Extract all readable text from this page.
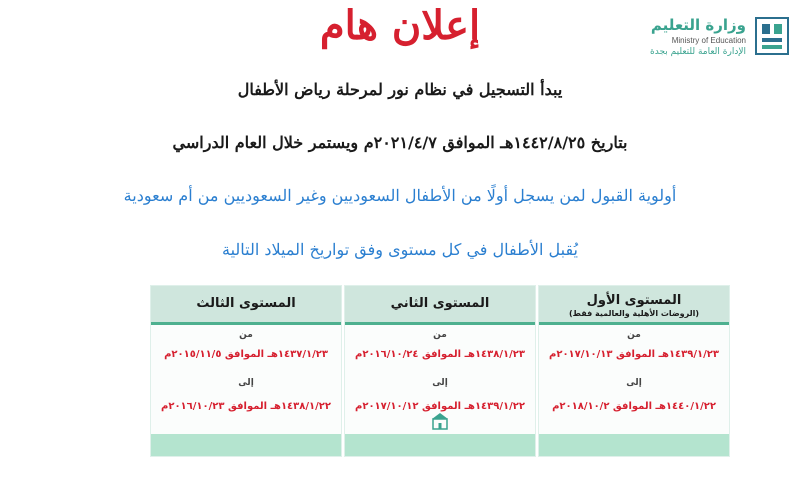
وزارة التعليم
Ministry of Education
الإدارة العامة للتعليم بجدة
إعلان هام
يبدأ التسجيل في نظام نور لمرحلة رياض الأطفال
بتاريخ ١٤٤٢/٨/٢٥هـ الموافق ٢٠٢١/٤/٧م ويستمر خلال العام الدراسي
أولوية القبول لمن يسجل أولًا من الأطفال السعوديين وغير السعوديين من أم سعودية
يُقبل الأطفال في كل مستوى وفق تواريخ الميلاد التالية
المستوى الأول
(الروضات الأهلية والعالمية فقط)
من
١٤٣٩/١/٢٣هـ الموافق ٢٠١٧/١٠/١٣م
إلى
١٤٤٠/١/٢٢هـ الموافق ٢٠١٨/١٠/٢م
المستوى الثاني
من
١٤٣٨/١/٢٣هـ الموافق ٢٠١٦/١٠/٢٤م
إلى
١٤٣٩/١/٢٢هـ الموافق ٢٠١٧/١٠/١٢م
المستوى الثالث
من
١٤٣٧/١/٢٣هـ الموافق ٢٠١٥/١١/٥م
إلى
١٤٣٨/١/٢٢هـ الموافق ٢٠١٦/١٠/٢٣م
